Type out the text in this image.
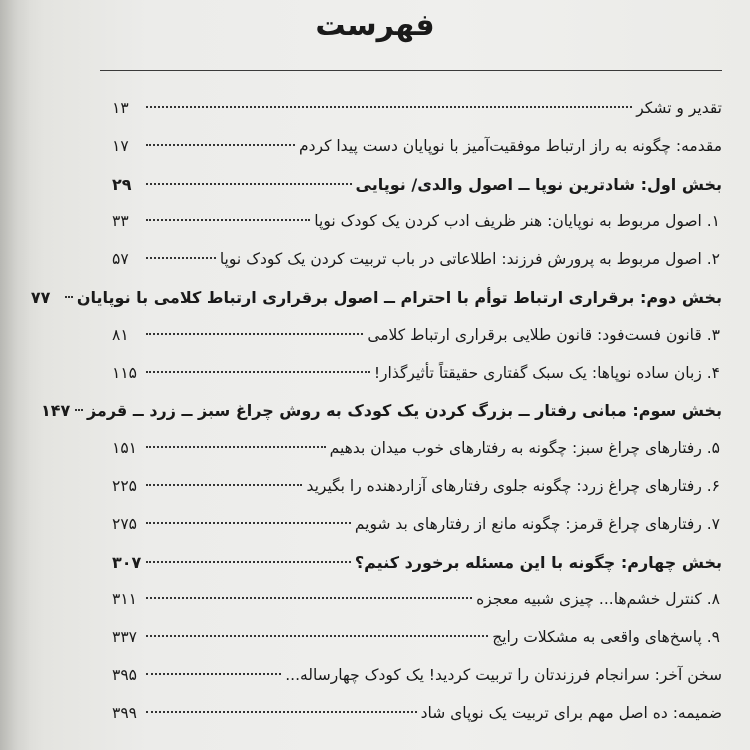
فهرست
تقدیر و تشکر
۱۳
مقدمه: چگونه به راز ارتباط موفقیت‌آمیز با نوپایان دست پیدا کردم
۱۷
بخش اول: شادترین نوپا ــ اصول والدی/ نوپایی
۲۹
۱. اصول مربوط به نوپایان: هنر ظریف ادب کردن یک کودک نوپا
۳۳
۲. اصول مربوط به پرورش فرزند: اطلاعاتی در باب تربیت کردن یک کودک نوپا
۵۷
بخش دوم: برقراری ارتباط توأم با احترام ــ اصول برقراری ارتباط کلامی با نوپایان
۷۷
۳. قانون فست‌فود: قانون طلایی برقراری ارتباط کلامی
۸۱
۴. زبان ساده نوپاها: یک سبک گفتاری حقیقتاً تأثیرگذار!
۱۱۵
بخش سوم: مبانی رفتار ــ بزرگ کردن یک کودک به روش چراغ سبز ــ زرد ــ قرمز
۱۴۷
۵. رفتارهای چراغ سبز: چگونه به رفتارهای خوب میدان بدهیم
۱۵۱
۶. رفتارهای چراغ زرد: چگونه جلوی رفتارهای آزاردهنده را بگیرید
۲۲۵
۷. رفتارهای چراغ قرمز: چگونه مانع از رفتارهای بد شویم
۲۷۵
بخش چهارم: چگونه با این مسئله برخورد کنیم؟
۳۰۷
۸. کنترل خشم‌ها... چیزی شبیه معجزه
۳۱۱
۹. پاسخ‌های واقعی به مشکلات رایج
۳۳۷
سخن آخر: سرانجام فرزندتان را تربیت کردید! یک کودک چهارساله...
۳۹۵
ضمیمه: ده اصل مهم برای تربیت یک نوپای شاد
۳۹۹
